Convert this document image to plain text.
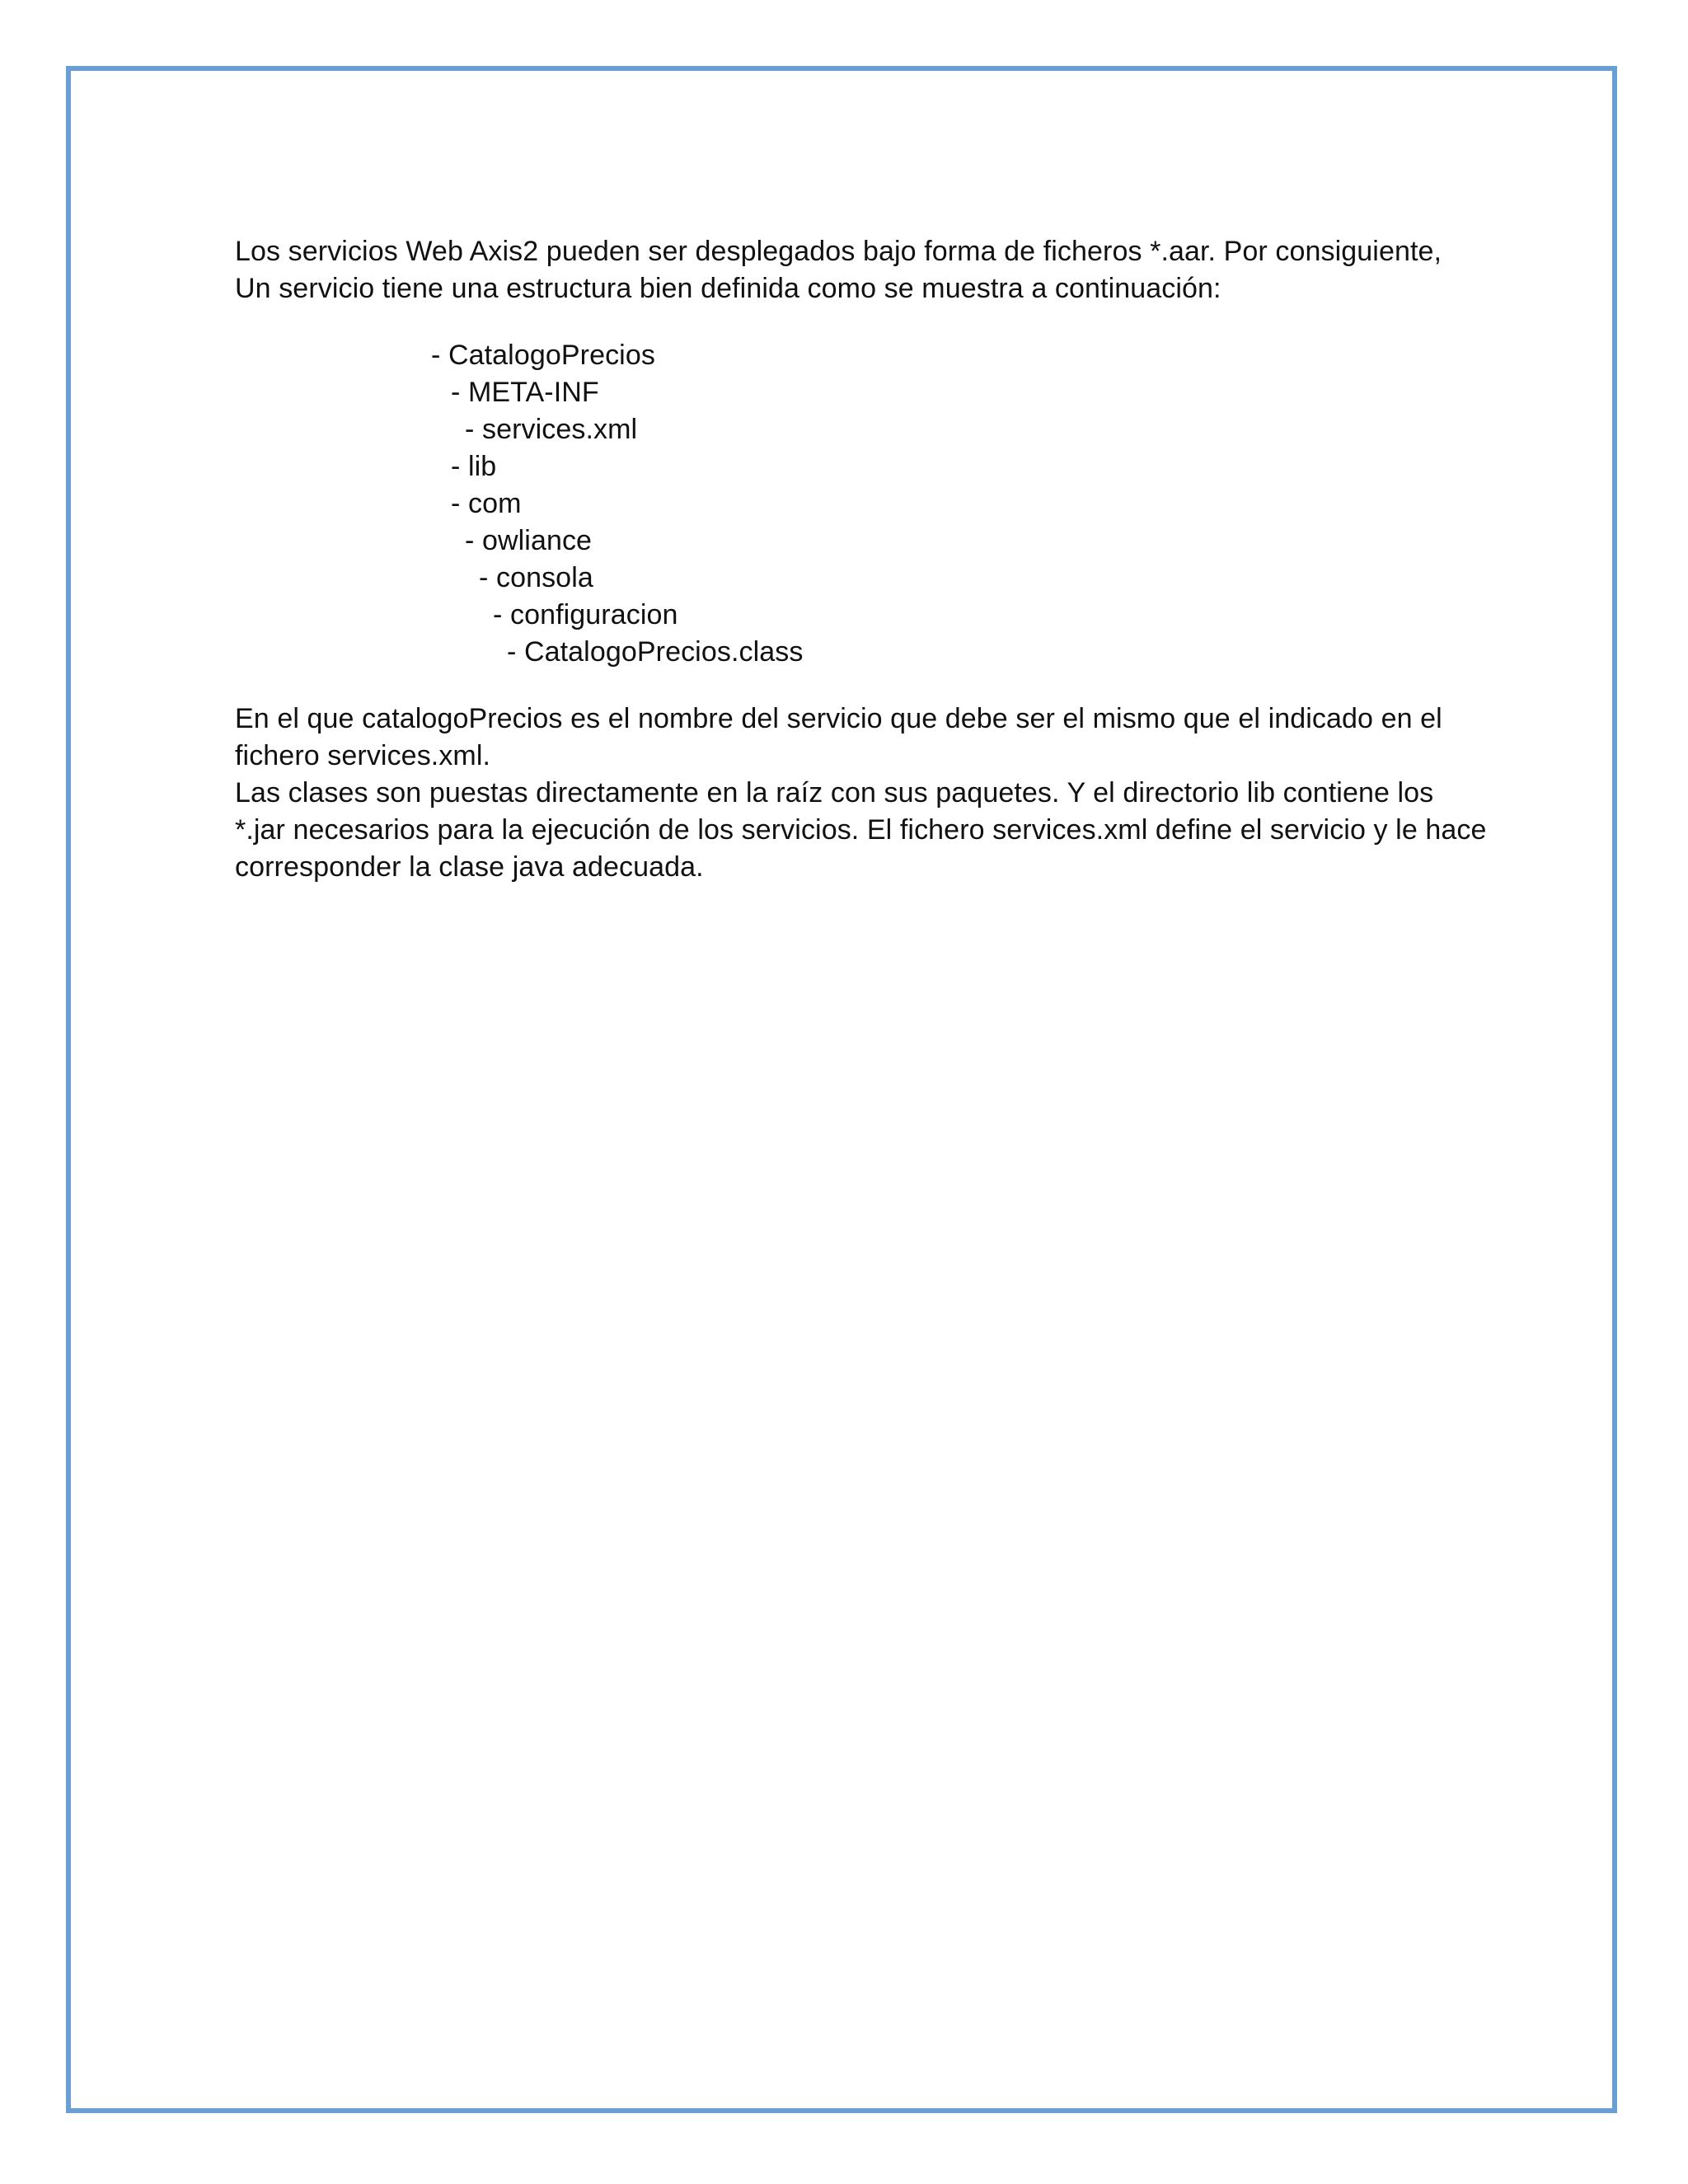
Los servicios Web Axis2 pueden ser desplegados bajo forma de ficheros *.aar. Por consiguiente,
Un servicio tiene una estructura bien definida como se muestra a continuación:

- CatalogoPrecios
- META-INF
- services.xml
- lib
- com
- owliance
- consola
- configuracion
- CatalogoPrecios.class

En el que catalogoPrecios es el nombre del servicio que debe ser el mismo que el indicado en el
fichero services.xml.
Las clases son puestas directamente en la raíz con sus paquetes. Y el directorio lib contiene los
*.jar necesarios para la ejecución de los servicios. El fichero services.xml define el servicio y le hace
corresponder la clase java adecuada.
